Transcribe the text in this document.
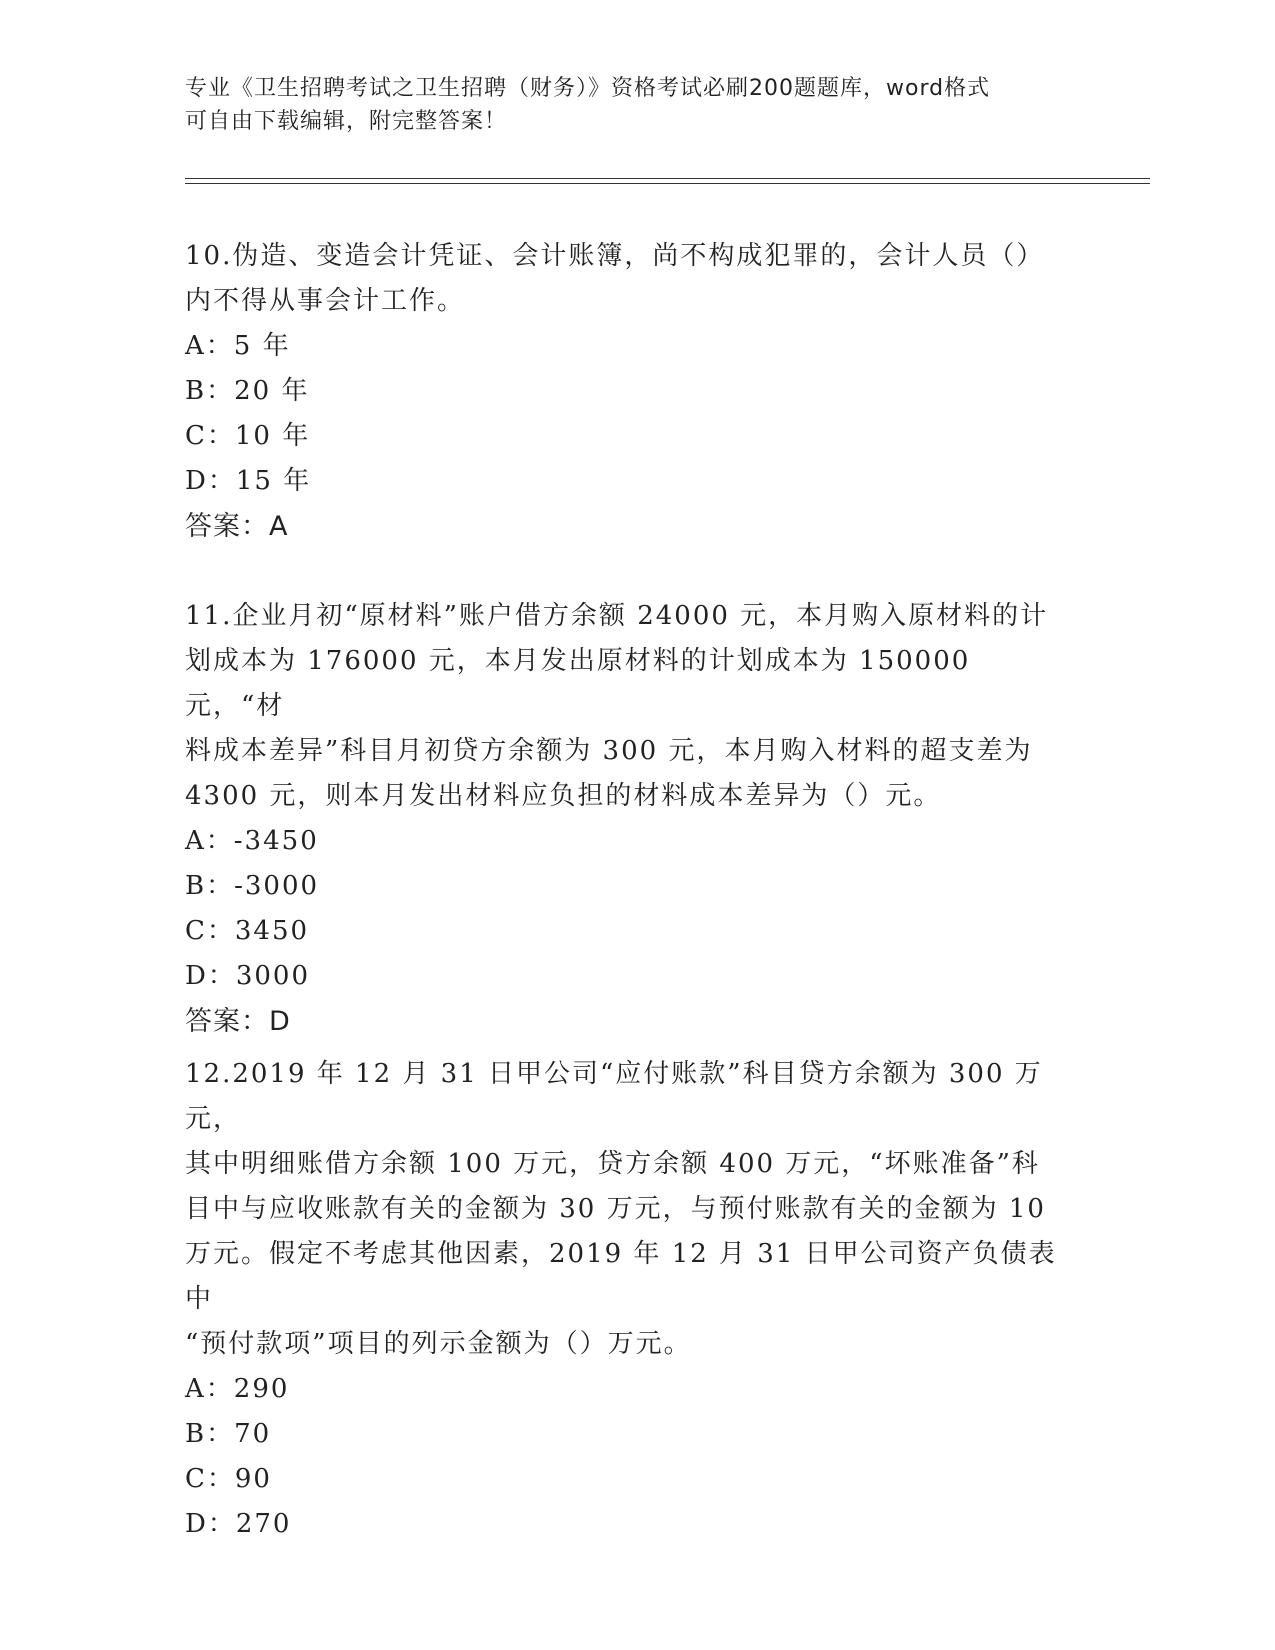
专业《卫生招聘考试之卫生招聘（财务）》资格考试必刷200题题库，word格式
可自由下载编辑，附完整答案！

10.伪造、变造会计凭证、会计账簿，尚不构成犯罪的，会计人员（）

内不得从事会计工作。

A：5 年

B：20 年

C：10 年

D：15 年

答案：A

11.企业月初“原材料”账户借方余额 24000 元，本月购入原材料的计

划成本为 176000 元，本月发出原材料的计划成本为 150000 元，“材

料成本差异”科目月初贷方余额为 300 元，本月购入材料的超支差为

4300 元，则本月发出材料应负担的材料成本差异为（）元。

A：-3450

B：-3000

C：3450

D：3000

答案：D

12.2019 年 12 月 31 日甲公司“应付账款”科目贷方余额为 300 万元，

其中明细账借方余额 100 万元，贷方余额 400 万元，“坏账准备”科

目中与应收账款有关的金额为 30 万元，与预付账款有关的金额为 10

万元。假定不考虑其他因素，2019 年 12 月 31 日甲公司资产负债表中

“预付款项”项目的列示金额为（）万元。

A：290

B：70

C：90

D：270
